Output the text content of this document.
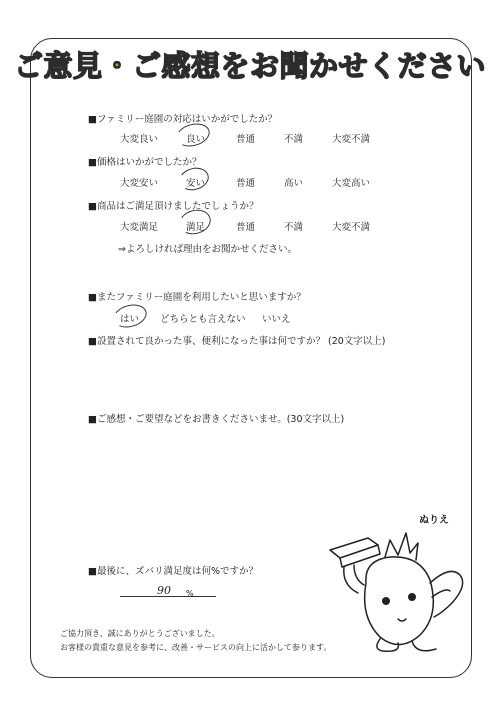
ご意見・ご感想をお聞かせください
■ファミリー庭園の対応はいかがでしたか？
大変良い	良い	普通	不満	大変不満
■価格はいかがでしたか？
大変安い	安い	普通	高い	大変高い
■商品はご満足頂けましたでしょうか？
大変満足	満足	普通	不満	大変不満
⇒よろしければ理由をお聞かせください。
■またファミリー庭園を利用したいと思いますか？
はい どちらとも言えない いいえ
■設置されて良かった事、便利になった事は何ですか？ (20文字以上)
■ご感想・ご要望などをお書きくださいませ。(30文字以上)
■最後に、ズバリ満足度は何%ですか？
90 %
ご協力頂き、誠にありがとうございました。
お客様の貴重な意見を参考に、改善・サービスの向上に活かして参ります。
ぬりえ
